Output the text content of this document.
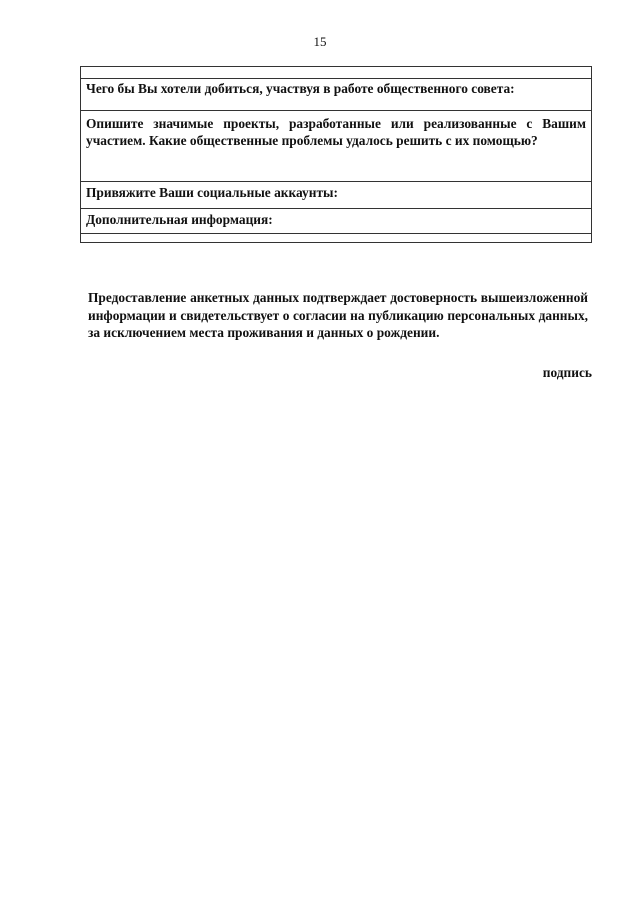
15

Чего бы Вы хотели добиться, участвуя в работе общественного совета:
Опишите значимые проекты, разработанные или реализованные с Вашим участием. Какие общественные проблемы удалось решить с их помощью?
Привяжите Ваши социальные аккаунты:
Дополнительная информация:

Предоставление анкетных данных подтверждает достоверность вышеизложенной информации и свидетельствует о согласии на публикацию персональных данных, за исключением места проживания и данных о рождении.

подпись
